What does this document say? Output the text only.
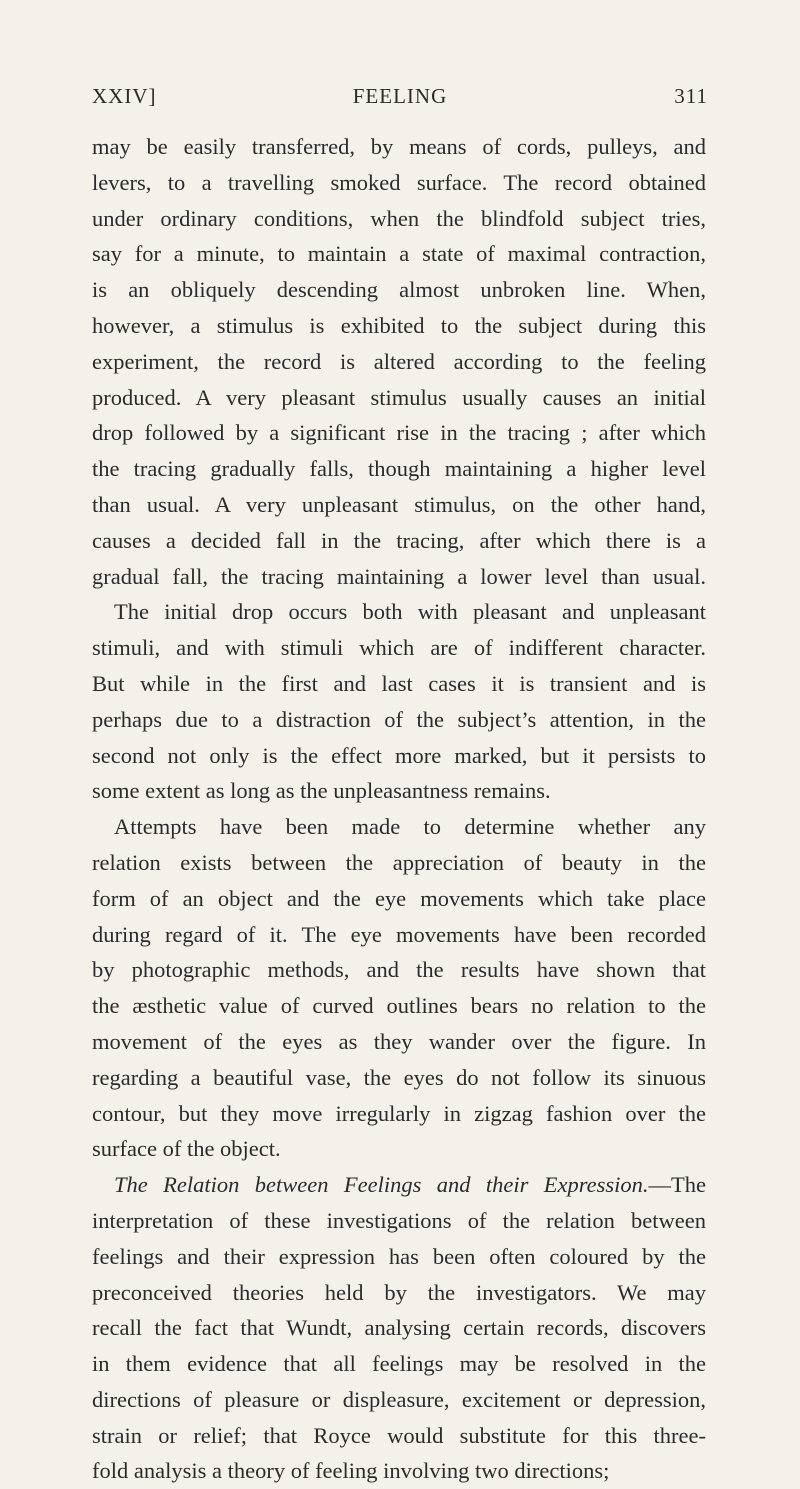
XXIV]	FEELING	311
may be easily transferred, by means of cords, pulleys, and
levers, to a travelling smoked surface. The record obtained
under ordinary conditions, when the blindfold subject tries,
say for a minute, to maintain a state of maximal contraction,
is an obliquely descending almost unbroken line. When,
however, a stimulus is exhibited to the subject during this
experiment, the record is altered according to the feeling
produced. A very pleasant stimulus usually causes an initial
drop followed by a significant rise in the tracing ; after which
the tracing gradually falls, though maintaining a higher level
than usual. A very unpleasant stimulus, on the other hand,
causes a decided fall in the tracing, after which there is a
gradual fall, the tracing maintaining a lower level than usual.
The initial drop occurs both with pleasant and unpleasant
stimuli, and with stimuli which are of indifferent character.
But while in the first and last cases it is transient and is
perhaps due to a distraction of the subject’s attention, in the
second not only is the effect more marked, but it persists to
some extent as long as the unpleasantness remains.
Attempts have been made to determine whether any
relation exists between the appreciation of beauty in the
form of an object and the eye movements which take place
during regard of it. The eye movements have been recorded
by photographic methods, and the results have shown that
the æsthetic value of curved outlines bears no relation to the
movement of the eyes as they wander over the figure. In
regarding a beautiful vase, the eyes do not follow its sinuous
contour, but they move irregularly in zigzag fashion over the
surface of the object.
The Relation between Feelings and their Expression.—The
interpretation of these investigations of the relation between
feelings and their expression has been often coloured by the
preconceived theories held by the investigators. We may
recall the fact that Wundt, analysing certain records, discovers
in them evidence that all feelings may be resolved in the
directions of pleasure or displeasure, excitement or depression,
strain or relief; that Royce would substitute for this three-
fold analysis a theory of feeling involving two directions;
